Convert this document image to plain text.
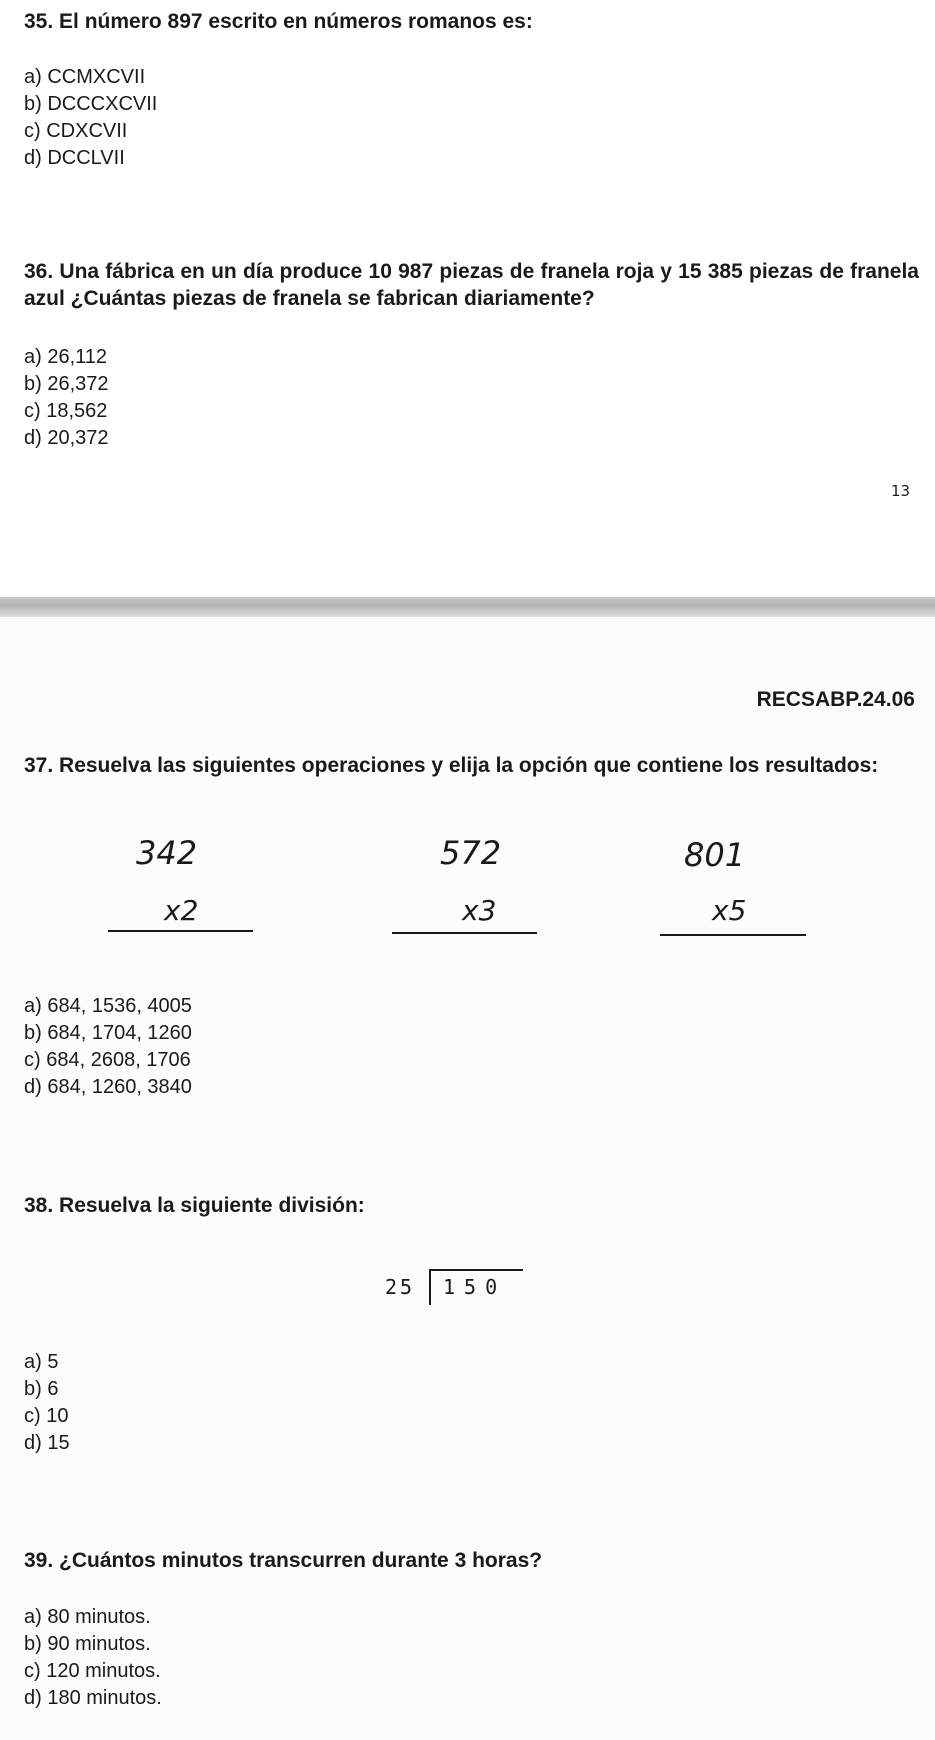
35. El número 897 escrito en números romanos es:

a) CCMXCVII
b) DCCCXCVII
c) CDXCVII
d) DCCLVII

36. Una fábrica en un día produce 10 987 piezas de franela roja y 15 385 piezas de franela azul ¿Cuántas piezas de franela se fabrican diariamente?

a) 26,112
b) 26,372
c) 18,562
d) 20,372

13

RECSABP.24.06

37. Resuelva las siguientes operaciones y elija la opción que contiene los resultados:

342
x2
572
x3
801
x5
a) 684, 1536, 4005
b) 684, 1704, 1260
c) 684, 2608, 1706
d) 684, 1260, 3840

38. Resuelva la siguiente división:

25 150
a) 5
b) 6
c) 10
d) 15

39. ¿Cuántos minutos transcurren durante 3 horas?

a) 80 minutos.
b) 90 minutos.
c) 120 minutos.
d) 180 minutos.
